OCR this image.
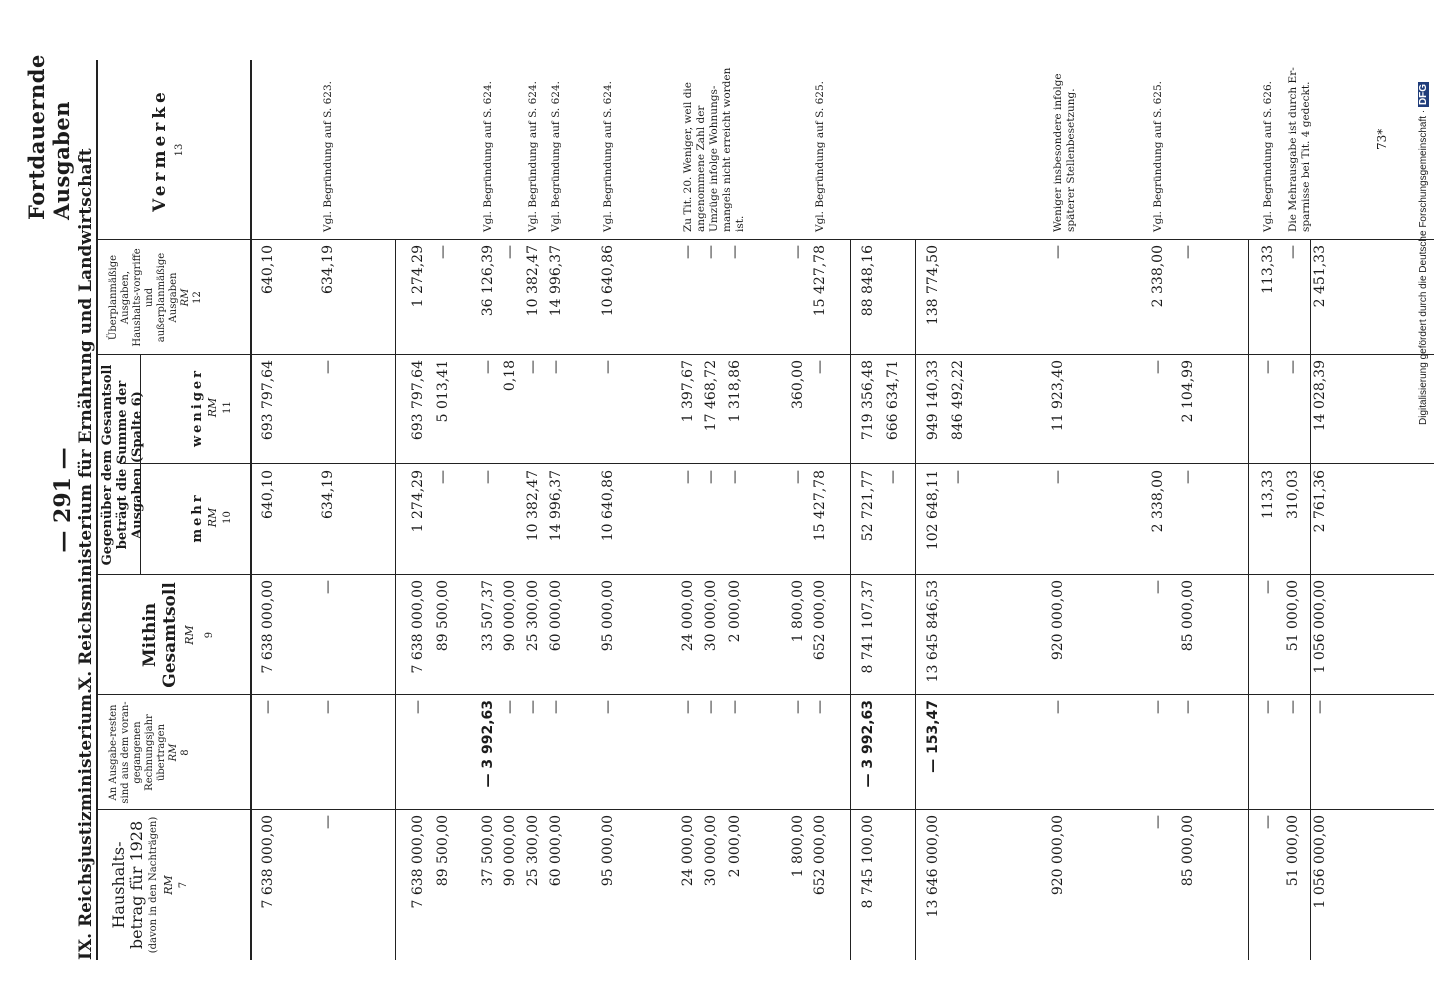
— 291 —
Fortdauernde Ausgaben
IX. Reichsjustizministerium.
X. Reichsministerium für Ernährung und Landwirtschaft
Haushalts-betrag für 1928 (davon in den Nachträgen) RM 7
An Ausgabe-resten sind aus dem voran-gegangenen Rechnungsjahr übertragen RM 8
Mithin Gesamtsoll RM 9
Gegenüber dem Gesamtsoll beträgt die Summe der Ausgaben (Spalte 6)	mehr RM 10
weniger RM 11
Überplanmäßige Ausgaben, Haushalts-vorgriffe und außerplanmäßige Ausgaben RM 12
Vermerke 13
73*
7 638 000,00
—
7 638 000,00
640,10
693 797,64
640,10
—
—
—
634,19
—
634,19
Vgl. Begründung auf S. 623.
7 638 000,00
—
7 638 000,00
1 274,29
693 797,64
1 274,29
89 500,00
89 500,00
—
5 013,41
—
37 500,00
— 3 992,63
33 507,37
—
—
36 126,39
Vgl. Begründung auf S. 624.
90 000,00
—
90 000,00
0,18
—
25 300,00
—
25 300,00
10 382,47
—
10 382,47
Vgl. Begründung auf S. 624.
60 000,00
—
60 000,00
14 996,37
—
14 996,37
Vgl. Begründung auf S. 624.
95 000,00
—
95 000,00
10 640,86
—
10 640,86
Vgl. Begründung auf S. 624.
24 000,00
—
24 000,00
—
1 397,67
—
Zu Tit. 20. Weniger, weil die angenommene Zahl der Umzüge infolge Wohnungs-mangels nicht erreicht worden ist.
30 000,00
—
30 000,00
—
17 468,72
—
2 000,00
—
2 000,00
—
1 318,86
—
1 800,00
—
1 800,00
—
360,00
—
652 000,00
—
652 000,00
15 427,78
—
15 427,78
Vgl. Begründung auf S. 625.
8 745 100,00
— 3 992,63
8 741 107,37
52 721,77
719 356,48
88 848,16
—
666 634,71
13 646 000,00
— 153,47
13 645 846,53
102 648,11
949 140,33
138 774,50
—
846 492,22
920 000,00
—
920 000,00
—
11 923,40
—
Weniger insbesondere infolge späterer Stellenbesetzung.
—
—
—
2 338,00
—
2 338,00
Vgl. Begründung auf S. 625.
85 000,00
—
85 000,00
—
2 104,99
—
—
—
—
113,33
—
113,33
Vgl. Begründung auf S. 626.
51 000,00
—
51 000,00
310,03
—
—
Die Mehrausgabe ist durch Er-sparnisse bei Tit. 4 gedeckt.
1 056 000,00
—
1 056 000,00
2 761,36
14 028,39
2 451,33	Digitalisierung gefördert durch die Deutsche Forschungsgemeinschaft · DFG
